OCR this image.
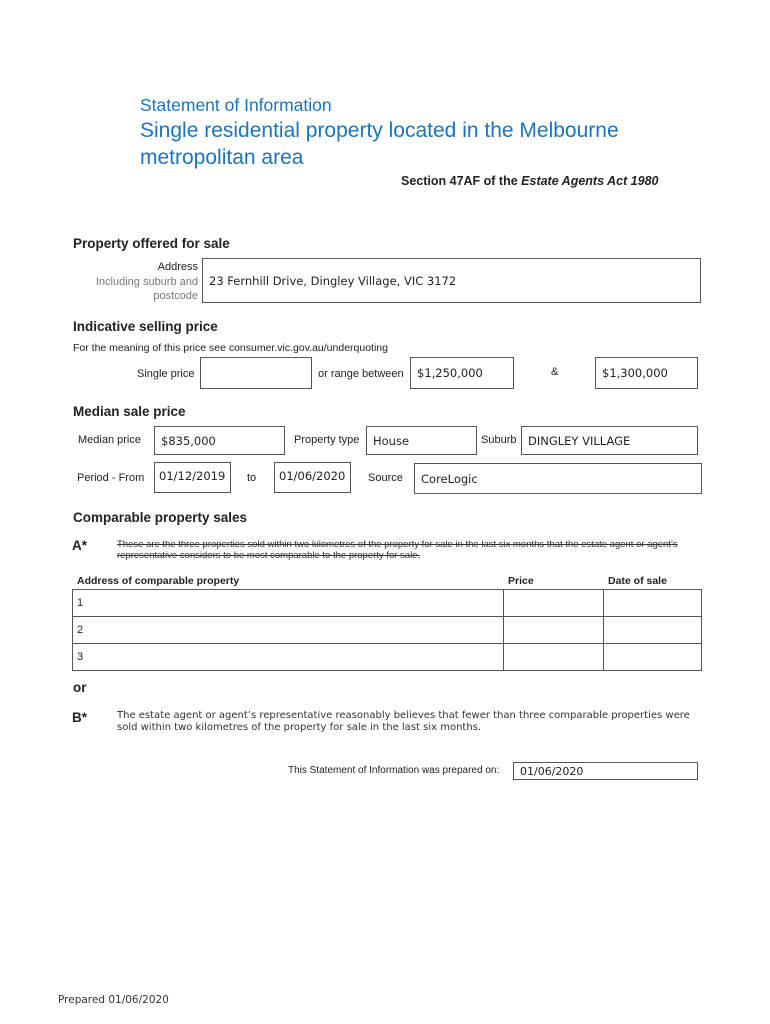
Statement of Information
Single residential property located in the Melbourne metropolitan area
Section 47AF of the Estate Agents Act 1980
Property offered for sale
Address
Including suburb and
postcode
23 Fernhill Drive, Dingley Village, VIC 3172
Indicative selling price
For the meaning of this price see consumer.vic.gov.au/underquoting
Single price	or range between	$1,250,000	&	$1,300,000
Median sale price
Median price	$835,000	Property type	House	Suburb	DINGLEY VILLAGE
Period - From	01/12/2019	to	01/06/2020	Source	CoreLogic
Comparable property sales
A*	These are the three properties sold within two kilometres of the property for sale in the last six months that the estate agent or agent’s representative considers to be most comparable to the property for sale.
Address of comparable property	Price	Date of sale
1		
2		
3		
or
B*	The estate agent or agent’s representative reasonably believes that fewer than three comparable properties were sold within two kilometres of the property for sale in the last six months.
This Statement of Information was prepared on:	01/06/2020
Prepared 01/06/2020
